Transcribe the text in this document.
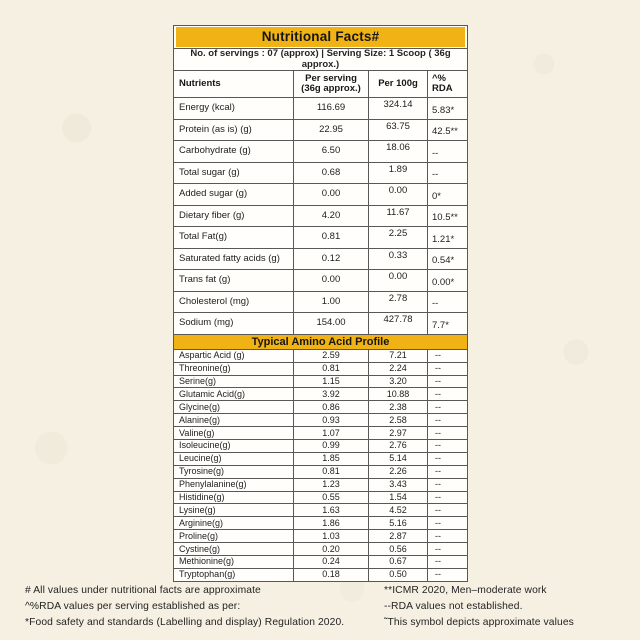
Nutritional Facts#			

No. of servings : 07 (approx) | Serving Size: 1 Scoop ( 36g approx.)			
Nutrients	Per serving (36g approx.)	Per 100g	^% RDA
Energy (kcal)	116.69	324.14	5.83*
Protein (as is) (g)	22.95	63.75	42.5**
Carbohydrate (g)	6.50	18.06	--
Total sugar (g)	0.68	1.89	--
Added sugar (g)	0.00	0.00	0*
Dietary fiber (g)	4.20	11.67	10.5**
Total Fat(g)	0.81	2.25	1.21*
Saturated fatty acids (g)	0.12	0.33	0.54*
Trans fat (g)	0.00	0.00	0.00*
Cholesterol (mg)	1.00	2.78	--
Sodium (mg)	154.00	427.78	7.7*

Typical Amino Acid Profile			

Aspartic Acid (g)	2.59	7.21	--
Threonine(g)	0.81	2.24	--
Serine(g)	1.15	3.20	--
Glutamic Acid(g)	3.92	10.88	--
Glycine(g)	0.86	2.38	--
Alanine(g)	0.93	2.58	--
Valine(g)	1.07	2.97	--
Isoleucine(g)	0.99	2.76	--
Leucine(g)	1.85	5.14	--
Tyrosine(g)	0.81	2.26	--
Phenylalanine(g)	1.23	3.43	--
Histidine(g)	0.55	1.54	--
Lysine(g)	1.63	4.52	--
Arginine(g)	1.86	5.16	--
Proline(g)	1.03	2.87	--
Cystine(g)	0.20	0.56	--
Methionine(g)	0.24	0.67	--
Tryptophan(g)	0.18	0.50	--
# All values under nutritional facts are approximate
^%RDA values per serving established as per:
*Food safety and standards (Labelling and display) Regulation 2020.
**ICMR 2020, Men–moderate work
--RDA values not established.
˜This symbol depicts approximate values
